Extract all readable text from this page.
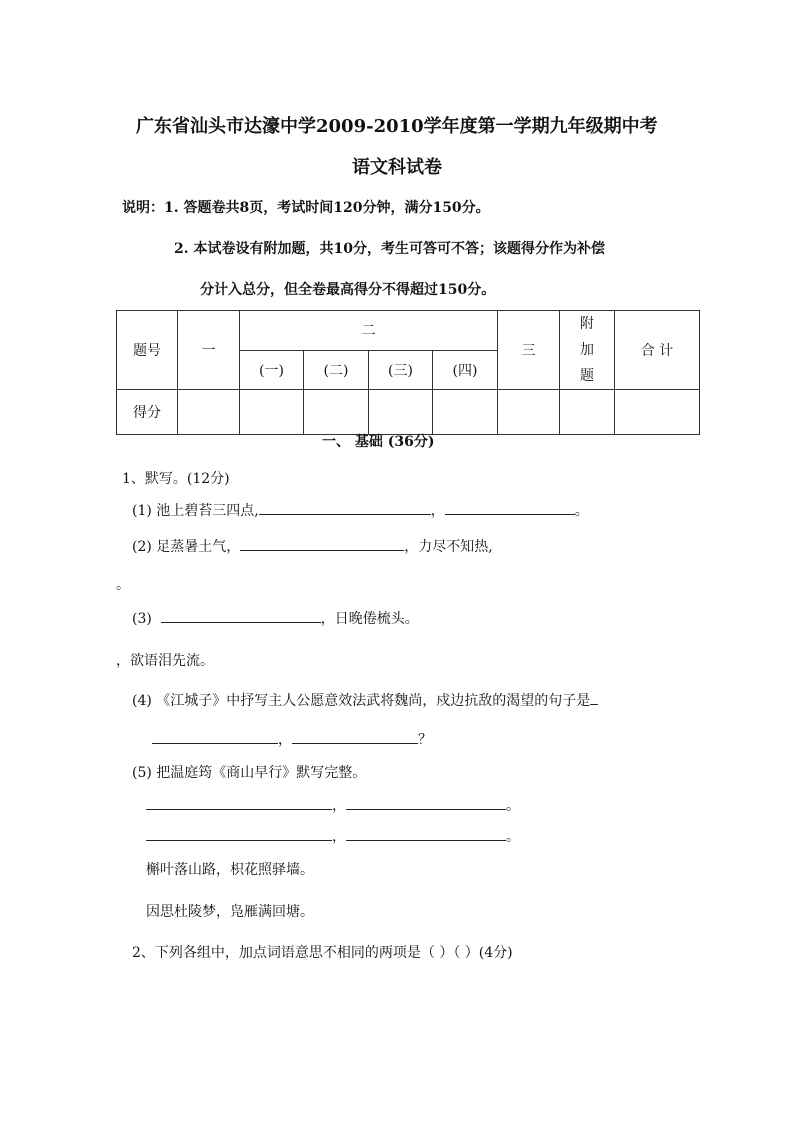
广东省汕头市达濠中学2009-2010学年度第一学期九年级期中考
语文科试卷
说明：1. 答题卷共8页，考试时间120分钟，满分150分。
2. 本试卷设有附加题，共10分，考生可答可不答；该题得分作为补偿
分计入总分，但全卷最高得分不得超过150分。
题号	一	二				三	附加题	合 计
		(一)	(二)	(三)	(四)			
得分								
一、 基础 (36分)
1、默写。(12分)
(1) 池上碧苔三四点,	，	。
(2) 足蒸暑土气，	，力尽不知热,
。
(3)	，日晚倦梳头。
，欲语泪先流。
(4) 《江城子》中抒写主人公愿意效法武将魏尚，戍边抗敌的渴望的句子是
，	？
(5) 把温庭筠《商山早行》默写完整。
，	。
，	。
槲叶落山路，枳花照驿墙。
因思杜陵梦，凫雁满回塘。
2、下列各组中，加点词语意思不相同的两项是（ ）（ ）(4分)
